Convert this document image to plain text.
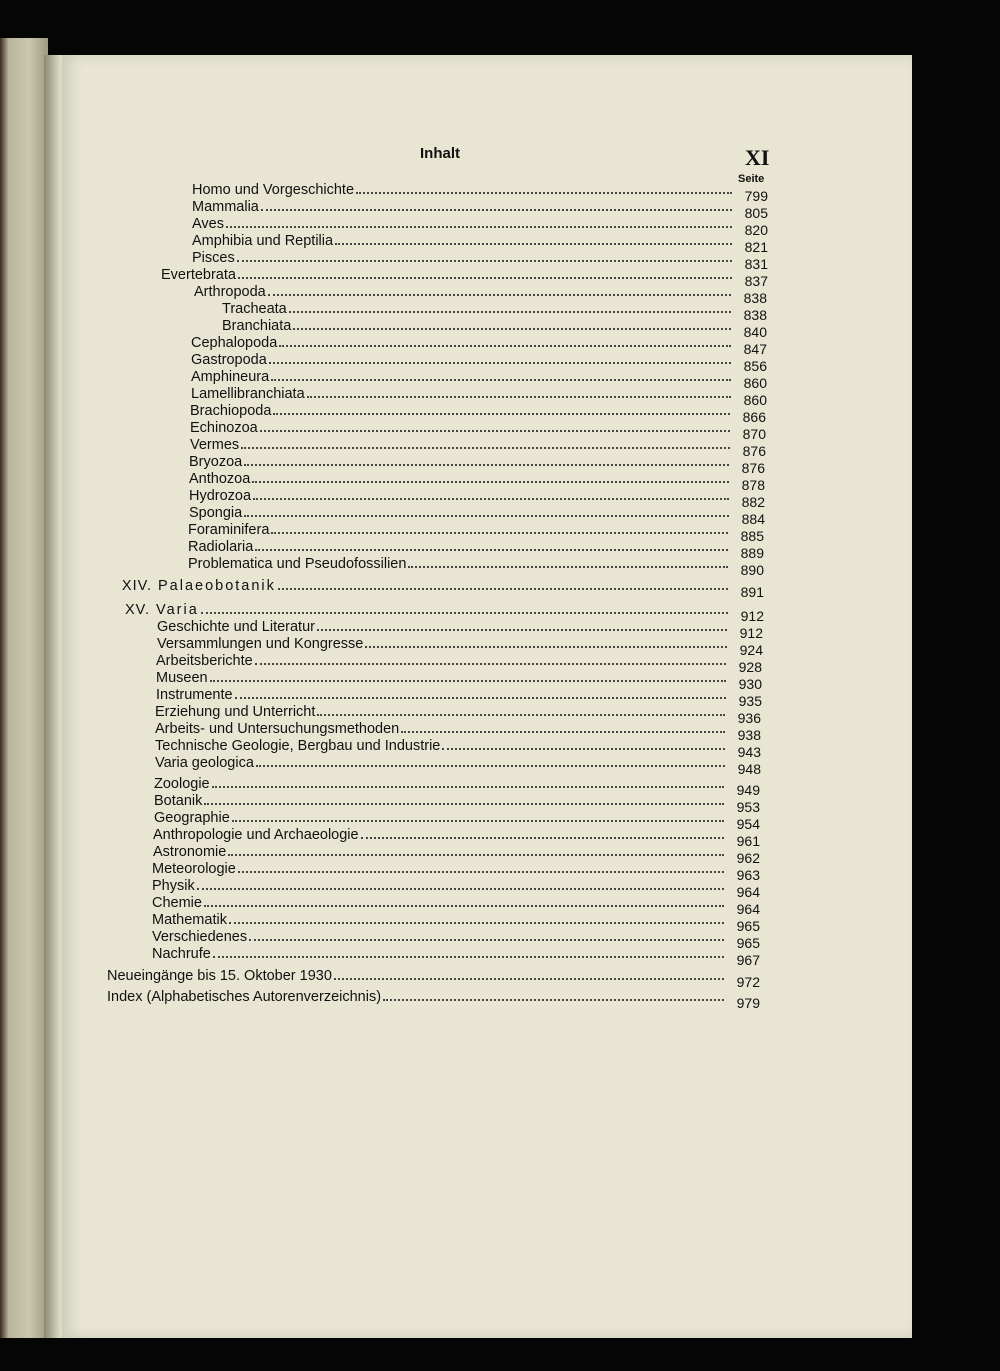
Inhalt	XI
Seite
Homo und Vorgeschichte	799
Mammalia	805
Aves	820
Amphibia und Reptilia	821
Pisces	831
Evertebrata	837
Arthropoda	838
Tracheata	838
Branchiata	840
Cephalopoda	847
Gastropoda	856
Amphineura	860
Lamellibranchiata	860
Brachiopoda	866
Echinozoa	870
Vermes	876
Bryozoa	876
Anthozoa	878
Hydrozoa	882
Spongia	884
Foraminifera	885
Radiolaria	889
Problematica und Pseudofossilien	890
XIV. Palaeobotanik	891
XV. Varia	912
Geschichte und Literatur	912
Versammlungen und Kongresse	924
Arbeitsberichte	928
Museen	930
Instrumente	935
Erziehung und Unterricht	936
Arbeits- und Untersuchungsmethoden	938
Technische Geologie, Bergbau und Industrie	943
Varia geologica	948
Zoologie	949
Botanik	953
Geographie	954
Anthropologie und Archaeologie	961
Astronomie	962
Meteorologie	963
Physik	964
Chemie	964
Mathematik	965
Verschiedenes	965
Nachrufe	967
Neueingänge bis 15. Oktober 1930	972
Index (Alphabetisches Autorenverzeichnis)	979
